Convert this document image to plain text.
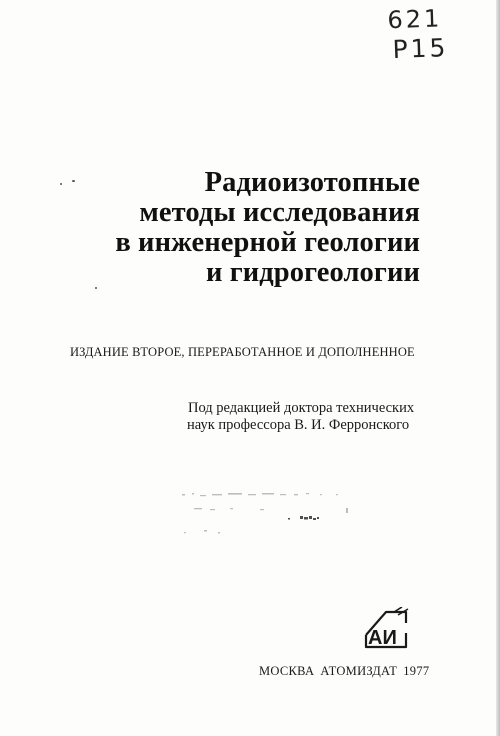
621
Р15
Радиоизотопные
методы исследования
в инженерной геологии
и гидрогеологии
ИЗДАНИЕ ВТОРОЕ, ПЕРЕРАБОТАННОЕ И ДОПОЛНЕННОЕ
Под редакцией доктора технических
наук профессора В. И. Ферронского
АИ
МОСКВА АТОМИЗДАТ 1977
